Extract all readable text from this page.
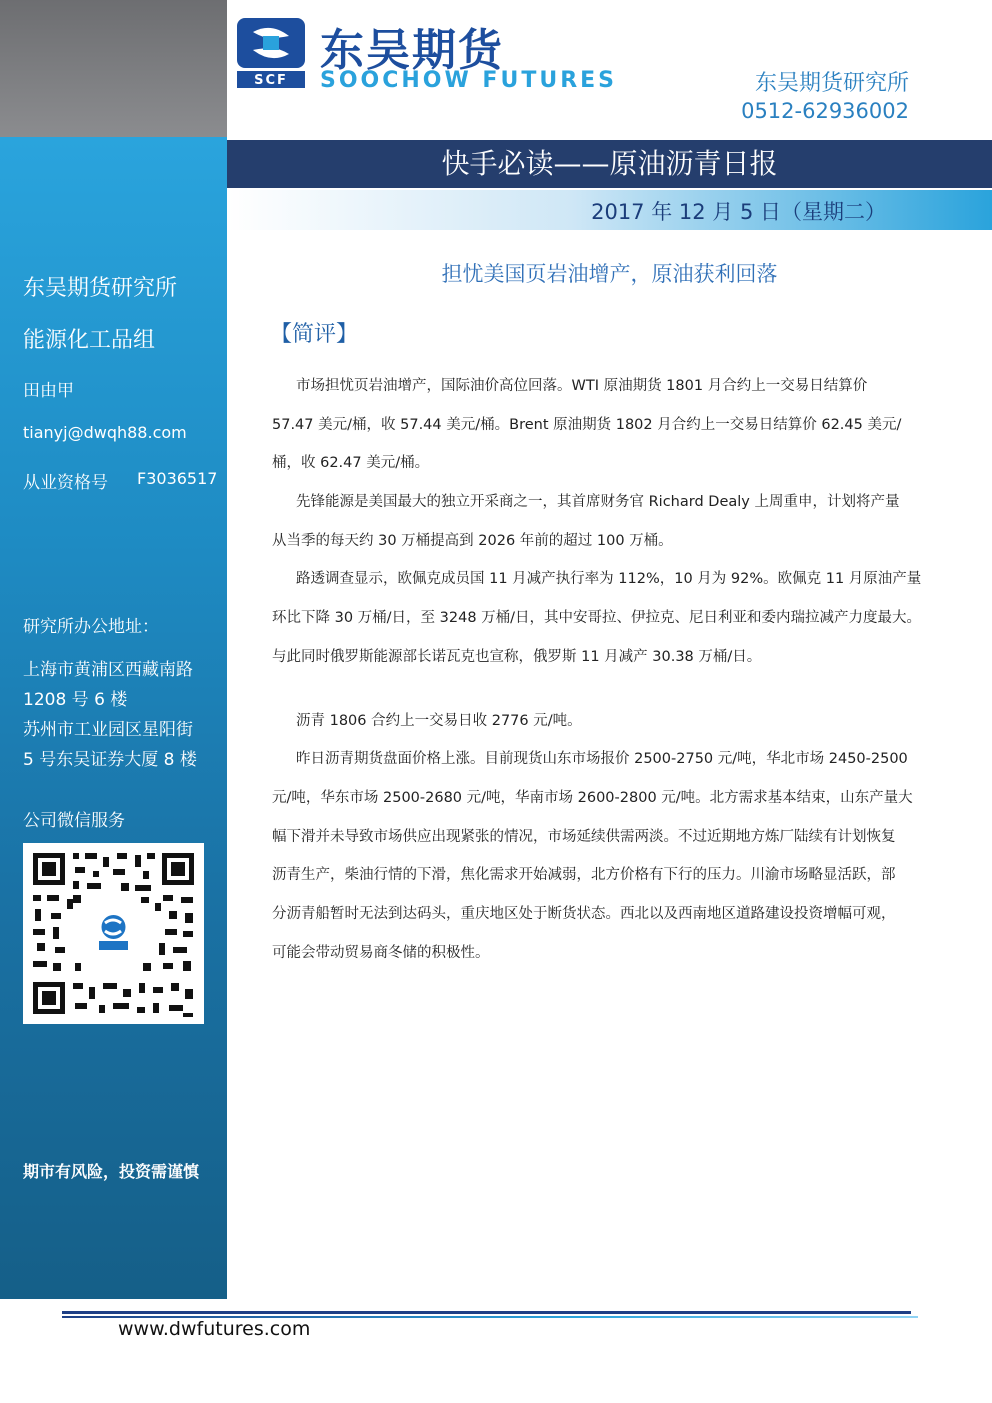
东吴期货研究所
能源化工品组
田由甲
tianyj@dwqh88.com
从业资格号 F3036517
研究所办公地址：
上海市黄浦区西藏南路
1208 号 6 楼
苏州市工业园区星阳街
5 号东吴证券大厦 8 楼
公司微信服务
期市有风险，投资需谨慎
SCF
东吴期货
SOOCHOW FUTURES	东吴期货研究所
0512-62936002
快手必读——原油沥青日报
2017 年 12 月 5 日（星期二）
担忧美国页岩油增产，原油获利回落
【简评】
市场担忧页岩油增产，国际油价高位回落。WTI 原油期货 1801 月合约上一交易日结算价
57.47 美元/桶，收 57.44 美元/桶。Brent 原油期货 1802 月合约上一交易日结算价 62.45 美元/
桶，收 62.47 美元/桶。
先锋能源是美国最大的独立开采商之一，其首席财务官 Richard Dealy 上周重申，计划将产量
从当季的每天约 30 万桶提高到 2026 年前的超过 100 万桶。
路透调查显示，欧佩克成员国 11 月减产执行率为 112%，10 月为 92%。欧佩克 11 月原油产量
环比下降 30 万桶/日，至 3248 万桶/日，其中安哥拉、伊拉克、尼日利亚和委内瑞拉减产力度最大。
与此同时俄罗斯能源部长诺瓦克也宣称，俄罗斯 11 月减产 30.38 万桶/日。
沥青 1806 合约上一交易日收 2776 元/吨。
昨日沥青期货盘面价格上涨。目前现货山东市场报价 2500-2750 元/吨，华北市场 2450-2500
元/吨，华东市场 2500-2680 元/吨，华南市场 2600-2800 元/吨。北方需求基本结束，山东产量大
幅下滑并未导致市场供应出现紧张的情况，市场延续供需两淡。不过近期地方炼厂陆续有计划恢复
沥青生产，柴油行情的下滑，焦化需求开始减弱，北方价格有下行的压力。川渝市场略显活跃，部
分沥青船暂时无法到达码头，重庆地区处于断货状态。西北以及西南地区道路建设投资增幅可观，
可能会带动贸易商冬储的积极性。
www.dwfutures.com
